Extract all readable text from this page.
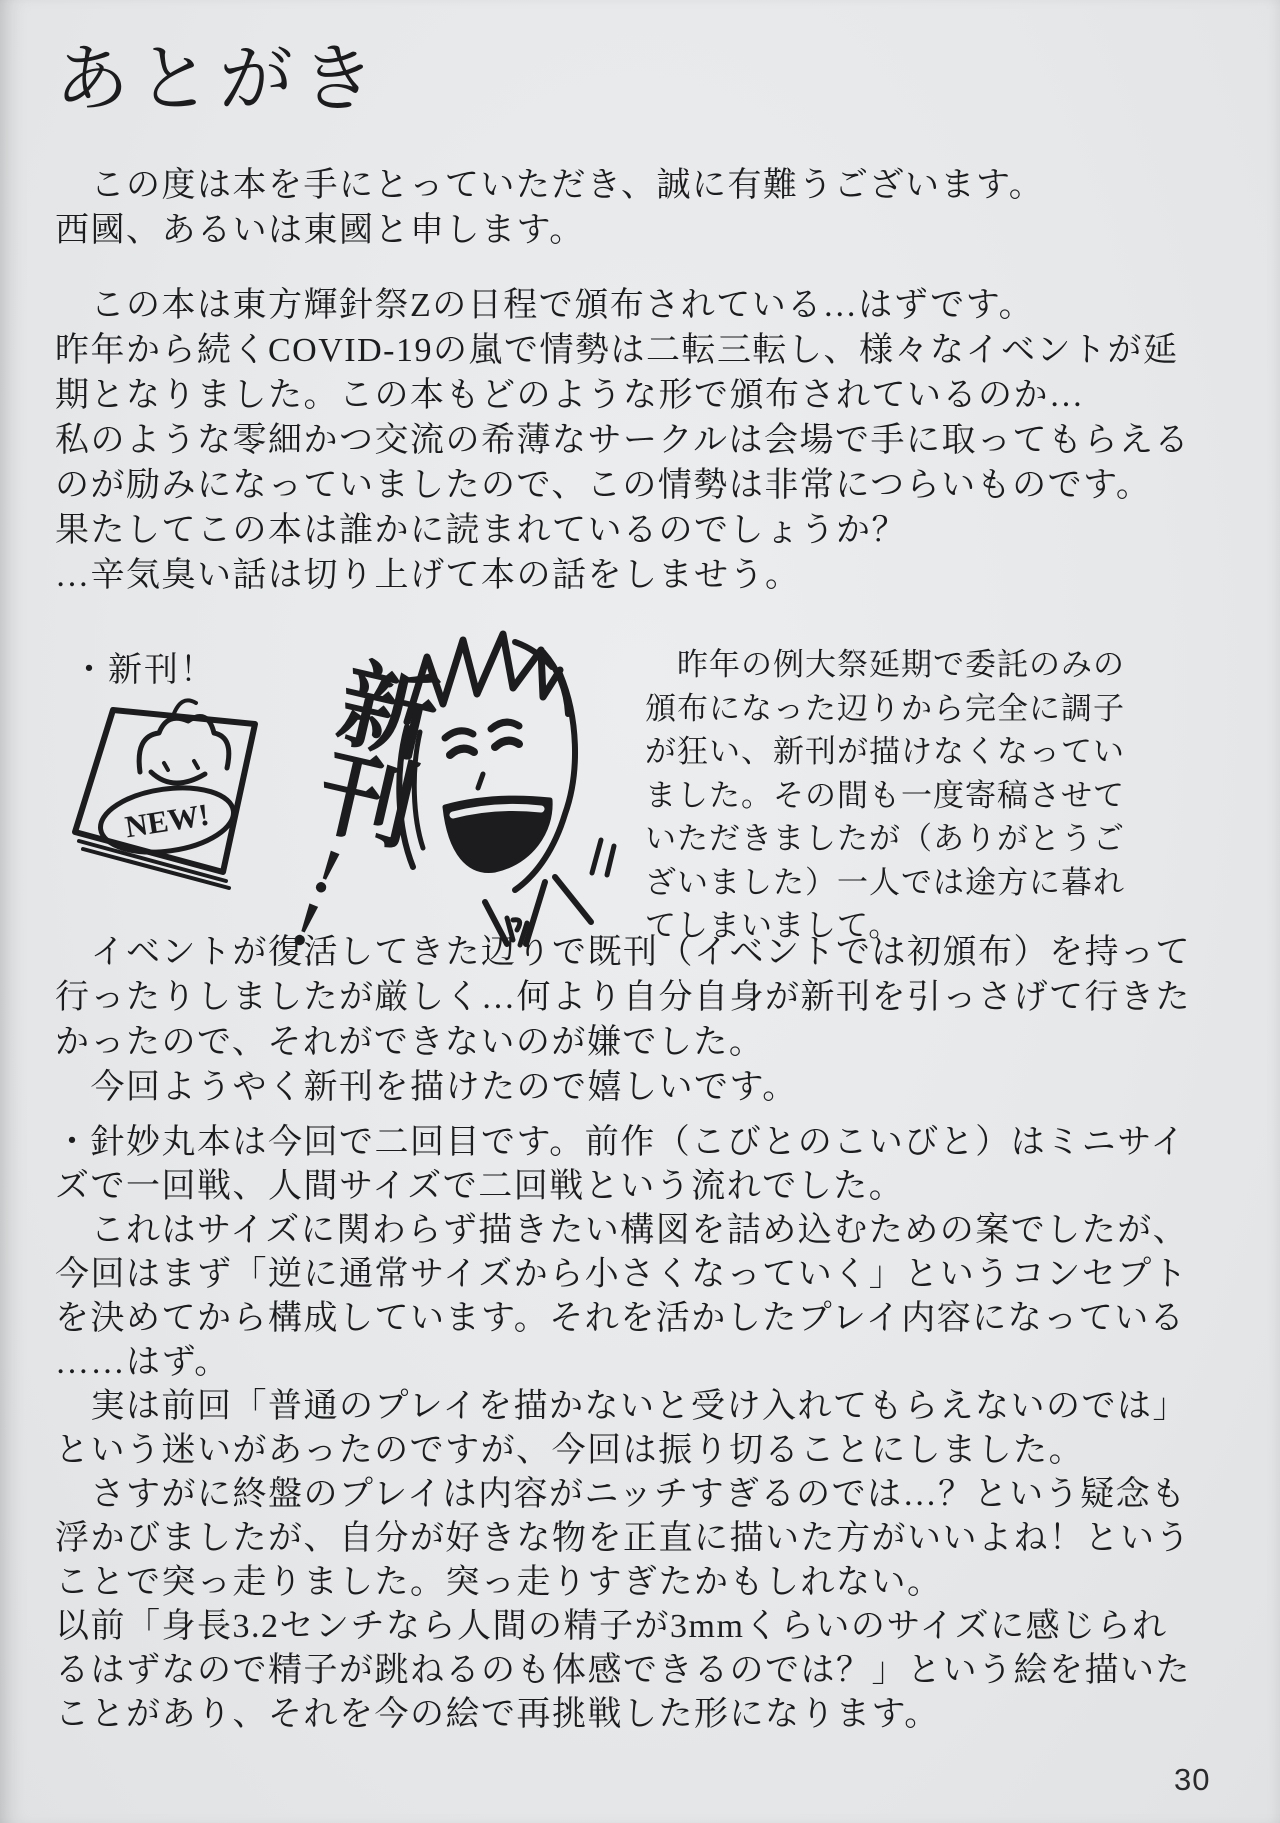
あとがき
　この度は本を手にとっていただき、誠に有難うございます。
西國、あるいは東國と申します。
　この本は東方輝針祭Zの日程で頒布されている…はずです。
昨年から続くCOVID-19の嵐で情勢は二転三転し、様々なイベントが延
期となりました。この本もどのような形で頒布されているのか…
私のような零細かつ交流の希薄なサークルは会場で手に取ってもらえる
のが励みになっていましたので、この情勢は非常につらいものです。
果たしてこの本は誰かに読まれているのでしょうか？
…辛気臭い話は切り上げて本の話をしませう。
・新刊！
NEW! 新刊
!!
　昨年の例大祭延期で委託のみの
頒布になった辺りから完全に調子
が狂い、新刊が描けなくなってい
ました。その間も一度寄稿させて
いただきましたが（ありがとうご
ざいました）一人では途方に暮れ
てしまいまして。
　イベントが復活してきた辺りで既刊（イベントでは初頒布）を持って
行ったりしましたが厳しく…何より自分自身が新刊を引っさげて行きた
かったので、それができないのが嫌でした。
　今回ようやく新刊を描けたので嬉しいです。
・針妙丸本は今回で二回目です。前作（こびとのこいびと）はミニサイ
ズで一回戦、人間サイズで二回戦という流れでした。
　これはサイズに関わらず描きたい構図を詰め込むための案でしたが、
今回はまず「逆に通常サイズから小さくなっていく」というコンセプト
を決めてから構成しています。それを活かしたプレイ内容になっている
……はず。
　実は前回「普通のプレイを描かないと受け入れてもらえないのでは」
という迷いがあったのですが、今回は振り切ることにしました。
　さすがに終盤のプレイは内容がニッチすぎるのでは…？という疑念も
浮かびましたが、自分が好きな物を正直に描いた方がいいよね！という
ことで突っ走りました。突っ走りすぎたかもしれない。
以前「身長3.2センチなら人間の精子が3mmくらいのサイズに感じられ
るはずなので精子が跳ねるのも体感できるのでは？」という絵を描いた
ことがあり、それを今の絵で再挑戦した形になります。
30
